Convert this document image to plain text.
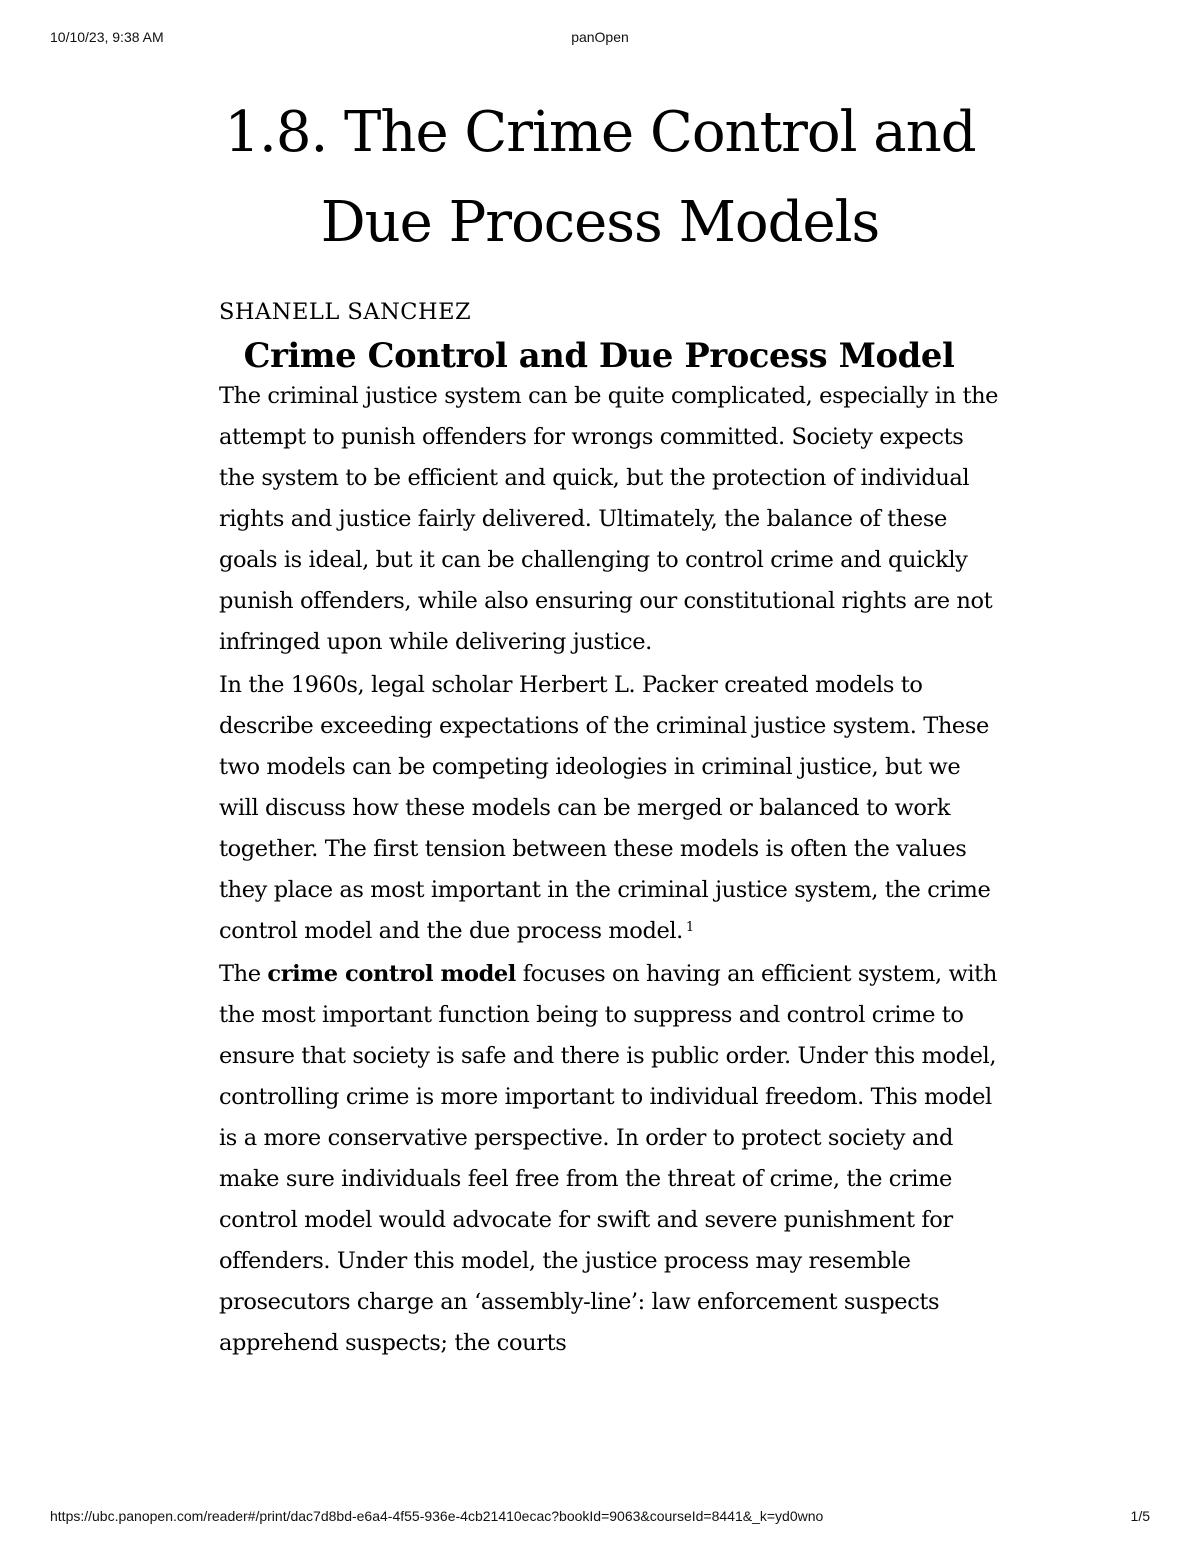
10/10/23, 9:38 AM	panOpen
1.8. The Crime Control and
Due Process Models
SHANELL SANCHEZ
Crime Control and Due Process Model

The criminal justice system can be quite complicated, especially in the attempt to punish offenders for wrongs committed. Society expects the system to be efficient and quick, but the protection of individual rights and justice fairly delivered. Ultimately, the balance of these goals is ideal, but it can be challenging to control crime and quickly punish offenders, while also ensuring our constitutional rights are not infringed upon while delivering justice.

In the 1960s, legal scholar Herbert L. Packer created models to describe exceeding expectations of the criminal justice system. These two models can be competing ideologies in criminal justice, but we will discuss how these models can be merged or balanced to work together. The first tension between these models is often the values they place as most important in the criminal justice system, the crime control model and the due process model. $^1$

The crime control model focuses on having an efficient system, with the most important function being to suppress and control crime to ensure that society is safe and there is public order. Under this model, controlling crime is more important to individual freedom. This model is a more conservative perspective. In order to protect society and make sure individuals feel free from the threat of crime, the crime control model would advocate for swift and severe punishment for offenders. Under this model, the justice process may resemble prosecutors charge an ‘assembly-line’: law enforcement suspects apprehend suspects; the courts

https://ubc.panopen.com/reader#/print/dac7d8bd-e6a4-4f55-936e-4cb21410ecac?bookId=9063&courseId=8441&_k=yd0wno	1/5
